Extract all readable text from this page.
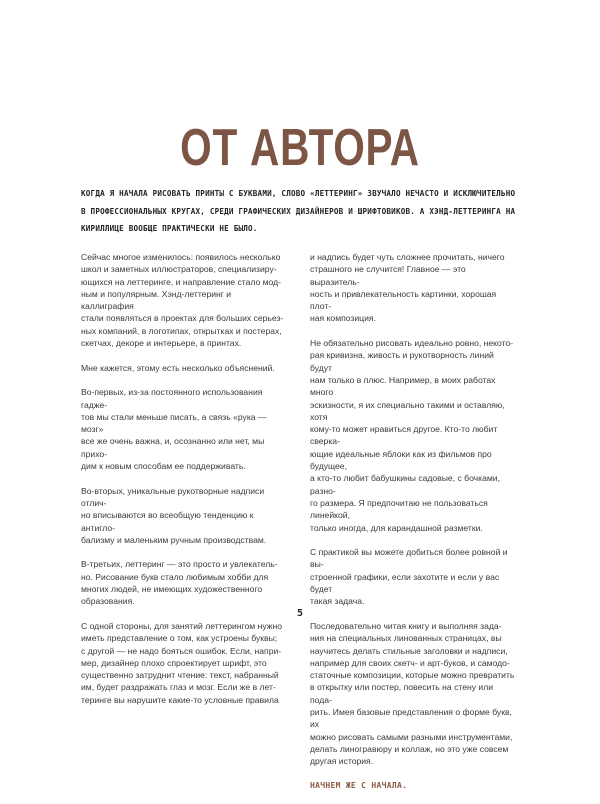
ОТ АВТОРА
КОГДА Я НАЧАЛА РИСОВАТЬ ПРИНТЫ С БУКВАМИ, СЛОВО «ЛЕТТЕРИНГ» ЗВУЧАЛО НЕЧАСТО И ИСКЛЮЧИТЕЛЬНО В ПРОФЕССИОНАЛЬНЫХ КРУГАХ, СРЕДИ ГРАФИЧЕСКИХ ДИЗАЙНЕРОВ И ШРИФТОВИКОВ. А ХЭНД-ЛЕТТЕРИНГА НА КИРИЛЛИЦЕ ВООБЩЕ ПРАКТИЧЕСКИ НЕ БЫЛО.

Сейчас многое изменилось: появилось несколько
школ и заметных иллюстраторов, специализиру-
ющихся на леттеринге, и направление стало мод-
ным и популярным. Хэнд-леттеринг и каллиграфия
стали появляться в проектах для больших серьез-
ных компаний, в логотипах, открытках и постерах,
скетчах, декоре и интерьере, в принтах.

Мне кажется, этому есть несколько объяснений.

Во-первых, из-за постоянного использования гадже-
тов мы стали меньше писать, а связь «рука — мозг»
все же очень важна, и, осознанно или нет, мы прихо-
дим к новым способам ее поддерживать.

Во-вторых, уникальные рукотворные надписи отлич-
но вписываются во всеобщую тенденцию к антигло-
бализму и маленьким ручным производствам.

В-третьих, леттеринг — это просто и увлекатель-
но. Рисование букв стало любимым хобби для
многих людей, не имеющих художественного
образования.

С одной стороны, для занятий леттерингом нужно
иметь представление о том, как устроены буквы;
с другой — не надо бояться ошибок. Если, напри-
мер, дизайнер плохо спроектирует шрифт, это
существенно затруднит чтение: текст, набранный
им, будет раздражать глаз и мозг. Если же в лет-
теринге вы нарушите какие-то условные правила

и надпись будет чуть сложнее прочитать, ничего
страшного не случится! Главное — это выразитель-
ность и привлекательность картинки, хорошая плот-
ная композиция.

Не обязательно рисовать идеально ровно, некото-
рая кривизна, живость и рукотворность линий будут
нам только в плюс. Например, в моих работах много
эскизности, я их специально такими и оставляю, хотя
кому-то может нравиться другое. Кто-то любит сверка-
ющие идеальные яблоки как из фильмов про будущее,
а кто-то любит бабушкины садовые, с бочками, разно-
го размера. Я предпочитаю не пользоваться линейкой,
только иногда, для карандашной разметки.

С практикой вы можете добиться более ровной и вы-
строенной графики, если захотите и если у вас будет
такая задача.

Последовательно читая книгу и выполняя зада-
ния на специальных линованных страницах, вы
научитесь делать стильные заголовки и надписи,
например для своих скетч- и арт-буков, и самодо-
статочные композиции, которые можно превратить
в открытку или постер, повесить на стену или пода-
рить. Имея базовые представления о форме букв, их
можно рисовать самыми разными инструментами,
делать линогравюру и коллаж, но это уже совсем
другая история.

НАЧНЕМ ЖЕ С НАЧАЛА.

5
